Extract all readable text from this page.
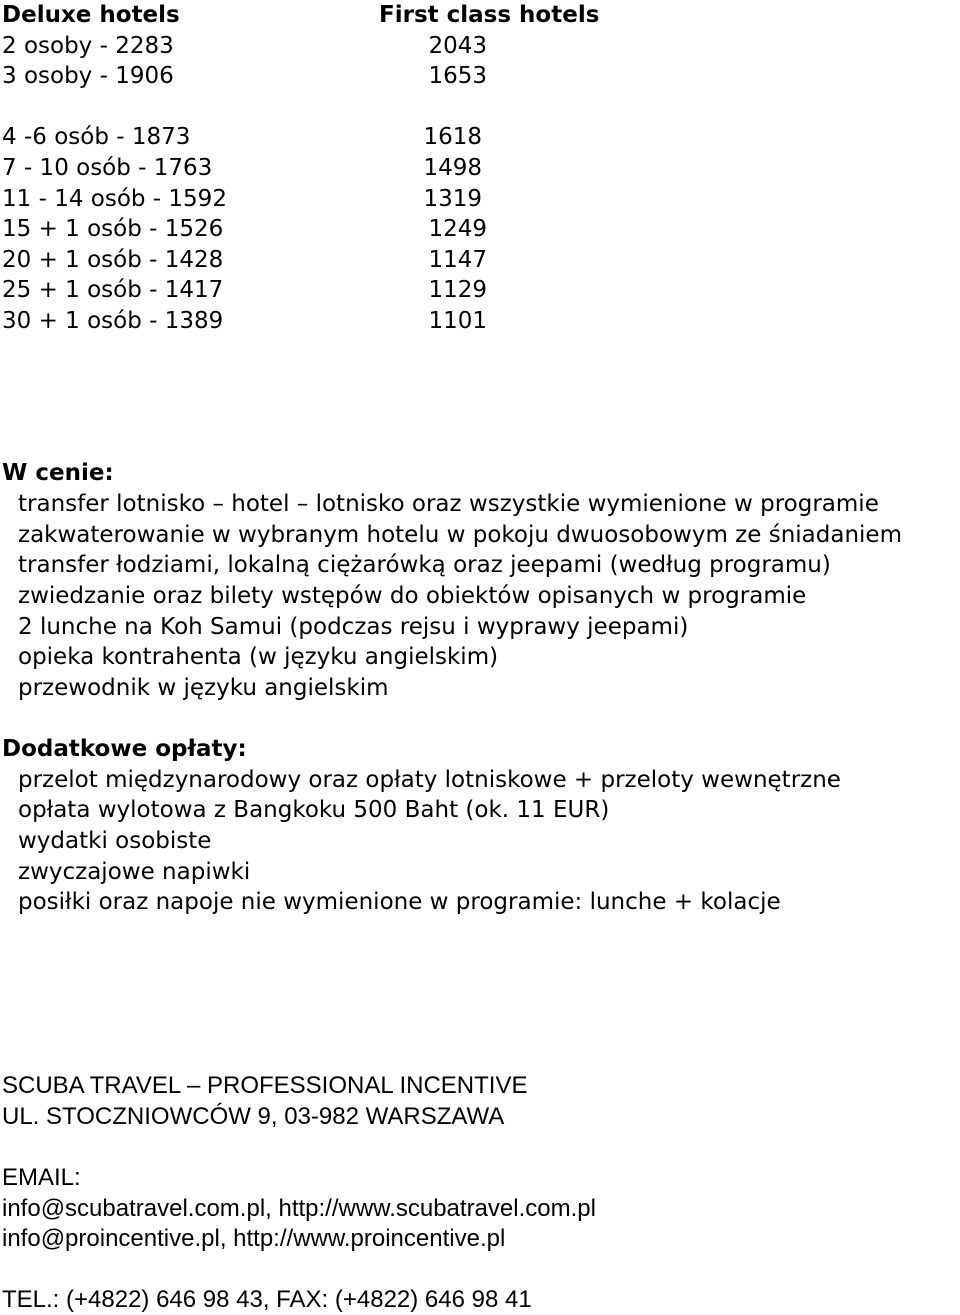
Deluxe hotels	First class hotels
2 osoby - 2283	2043
3 osoby - 1906	1653
4 -6 osób - 1873	1618
7 - 10 osób - 1763	1498
11 - 14 osób - 1592	1319
15 + 1 osób - 1526	1249
20 + 1 osób - 1428	1147
25 + 1 osób - 1417	1129
30 + 1 osób - 1389	1101
W cenie:
transfer lotnisko – hotel – lotnisko oraz wszystkie wymienione w programie
zakwaterowanie w wybranym hotelu w pokoju dwuosobowym ze śniadaniem
transfer łodziami, lokalną ciężarówką oraz jeepami (według programu)
zwiedzanie oraz bilety wstępów do obiektów opisanych w programie
2 lunche na Koh Samui (podczas rejsu i wyprawy jeepami)
opieka kontrahenta (w języku angielskim)
przewodnik w języku angielskim
Dodatkowe opłaty:
przelot międzynarodowy oraz opłaty lotniskowe + przeloty wewnętrzne
opłata wylotowa z Bangkoku 500 Baht (ok. 11 EUR)
wydatki osobiste
zwyczajowe napiwki
posiłki oraz napoje nie wymienione w programie: lunche + kolacje
SCUBA TRAVEL – PROFESSIONAL INCENTIVE
UL. STOCZNIOWCÓW 9, 03-982 WARSZAWA
EMAIL:
info@scubatravel.com.pl, http://www.scubatravel.com.pl
info@proincentive.pl, http://www.proincentive.pl
TEL.: (+4822) 646 98 43, FAX: (+4822) 646 98 41
